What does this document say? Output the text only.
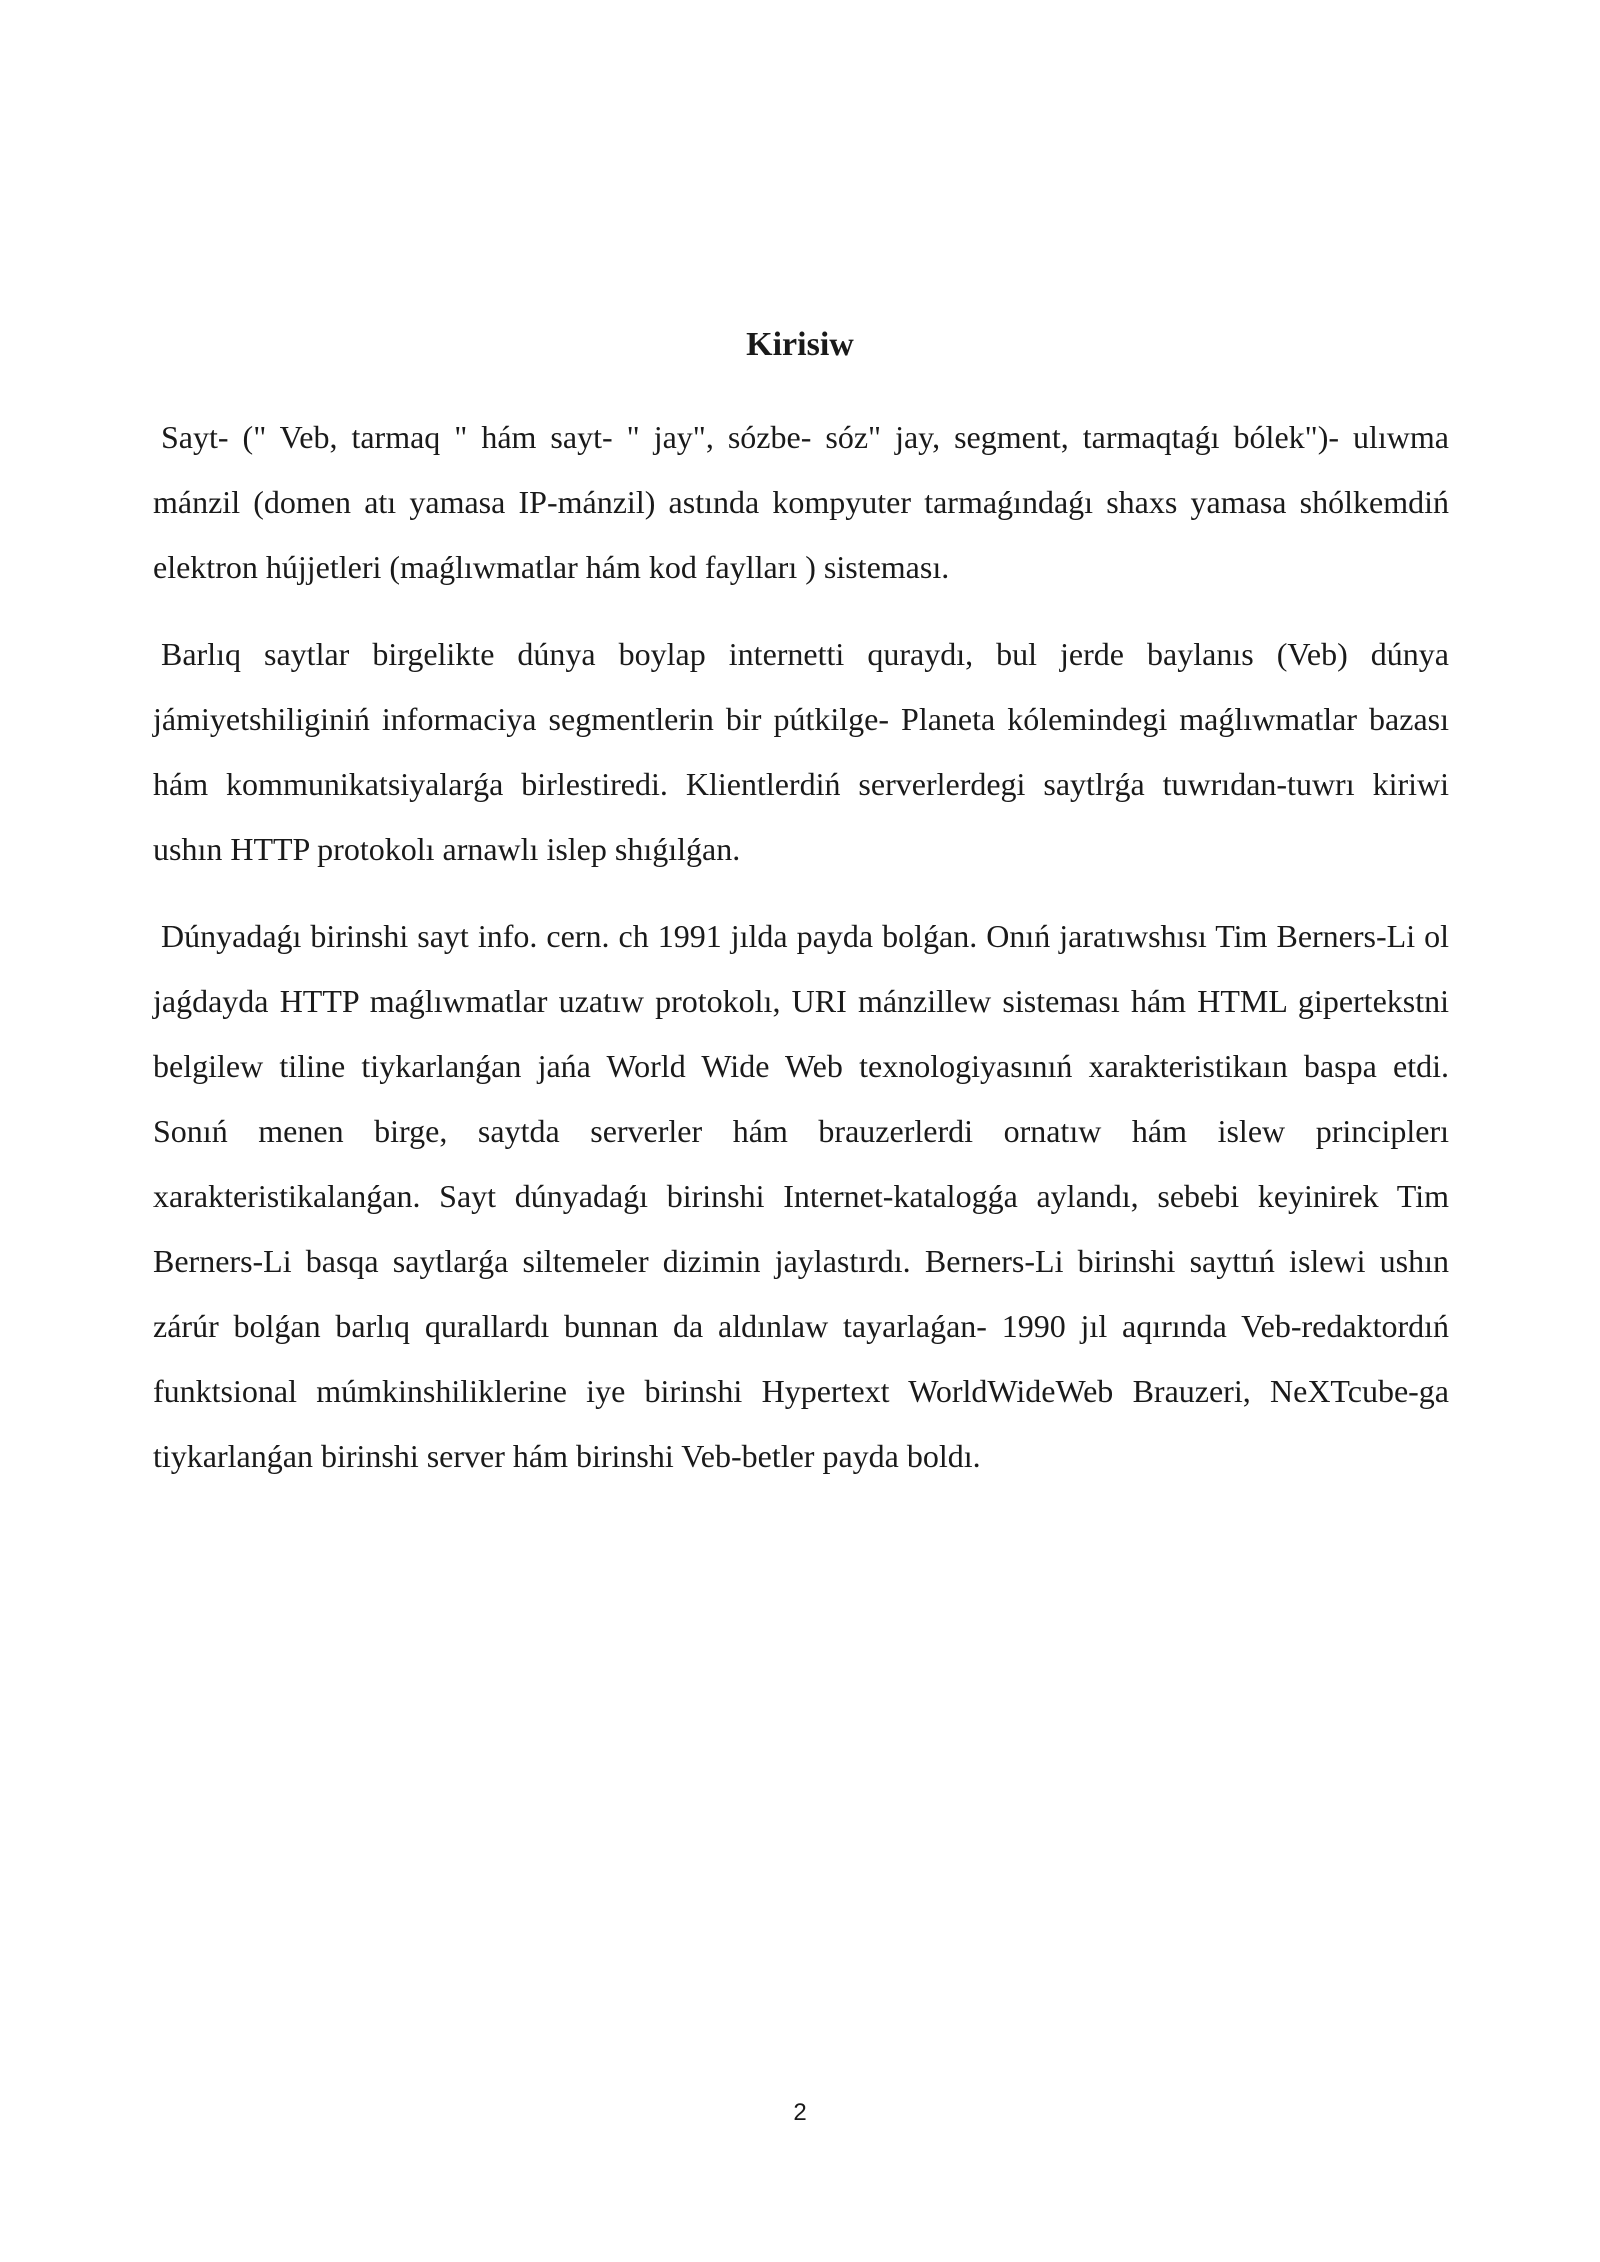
Kirisiw

Sayt- (" Veb, tarmaq " hám sayt- " jay", sózbe- sóz" jay, segment, tarmaqtaǵı bólek")- ulıwma mánzil (domen atı yamasa IP-mánzil) astında kompyuter tarmaǵındaǵı shaxs yamasa shólkemdiń elektron hújjetleri (maǵlıwmatlar hám kod faylları ) sisteması.

Barlıq saytlar birgelikte dúnya boylap internetti quraydı, bul jerde baylanıs (Veb) dúnya jámiyetshiliginiń informaciya segmentlerin bir pútkilge- Planeta kólemindegi maǵlıwmatlar bazası hám kommunikatsiyalarǵa birlestiredi. Klientlerdiń serverlerdegi saytlrǵa tuwrıdan-tuwrı kiriwi ushın HTTP protokolı arnawlı islep shıǵılǵan.

Dúnyadaǵı birinshi sayt info. cern. ch 1991 jılda payda bolǵan. Onıń jaratıwshısı Tim Berners-Li ol jaǵdayda HTTP maǵlıwmatlar uzatıw protokolı, URI mánzillew sisteması hám HTML gipertekstni belgilew tiline tiykarlanǵan jańa World Wide Web texnologiyasınıń xarakteristikaın baspa etdi. Sonıń menen birge, saytda serverler hám brauzerlerdi ornatıw hám islew principlerı xarakteristikalanǵan. Sayt dúnyadaǵı birinshi Internet-katalogǵa aylandı, sebebi keyinirek Tim Berners-Li basqa saytlarǵa siltemeler dizimin jaylastırdı. Berners-Li birinshi sayttıń islewi ushın zárúr bolǵan barlıq qurallardı bunnan da aldınlaw tayarlaǵan- 1990 jıl aqırında Veb-redaktordıń funktsional múmkinshiliklerine iye birinshi Hypertext WorldWideWeb Brauzeri, NeXTcube-ga tiykarlanǵan birinshi server hám birinshi Veb-betler payda boldı.

2
